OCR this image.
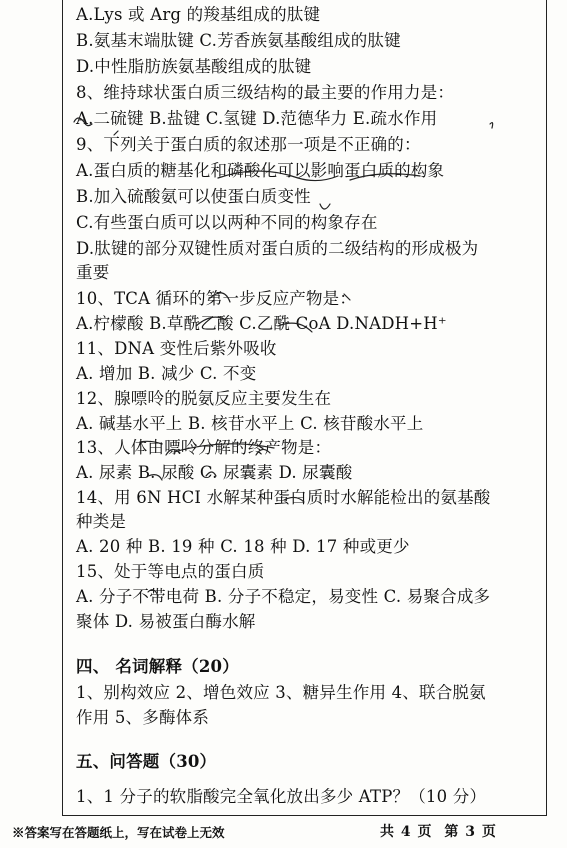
A.Lys 或 Arg 的羧基组成的肽键
B.氨基末端肽键 C.芳香族氨基酸组成的肽键
D.中性脂肪族氨基酸组成的肽键
8、维持球状蛋白质三级结构的最主要的作用力是：
A.二硫键 B.盐键 C.氢键 D.范德华力 E.疏水作用
9、下列关于蛋白质的叙述那一项是不正确的：
A.蛋白质的糖基化和磷酸化可以影响蛋白质的构象
B.加入硫酸氨可以使蛋白质变性
C.有些蛋白质可以以两种不同的构象存在
D.肽键的部分双键性质对蛋白质的二级结构的形成极为
重要
10、TCA 循环的第一步反应产物是：
A.柠檬酸 B.草酰乙酸 C.乙酰 CoA D.NADH+H⁺
11、DNA 变性后紫外吸收
A. 增加 B. 减少 C. 不变
12、腺嘌呤的脱氨反应主要发生在
A. 碱基水平上 B. 核苷水平上 C. 核苷酸水平上
13、人体由嘌呤分解的终产物是：
A. 尿素 B. 尿酸 C. 尿囊素 D. 尿囊酸
14、用 6N HCI 水解某种蛋白质时水解能检出的氨基酸
种类是
A. 20 种 B. 19 种 C. 18 种 D. 17 种或更少
15、处于等电点的蛋白质
A. 分子不带电荷 B. 分子不稳定，易变性 C. 易聚合成多
聚体 D. 易被蛋白酶水解
四、 名词解释（20）
1、别构效应 2、增色效应 3、糖异生作用 4、联合脱氨
作用 5、多酶体系
五、问答题（30）
1、1 分子的软脂酸完全氧化放出多少 ATP？（10 分）
※答案写在答题纸上，写在试卷上无效	共 4 页 第 3 页
